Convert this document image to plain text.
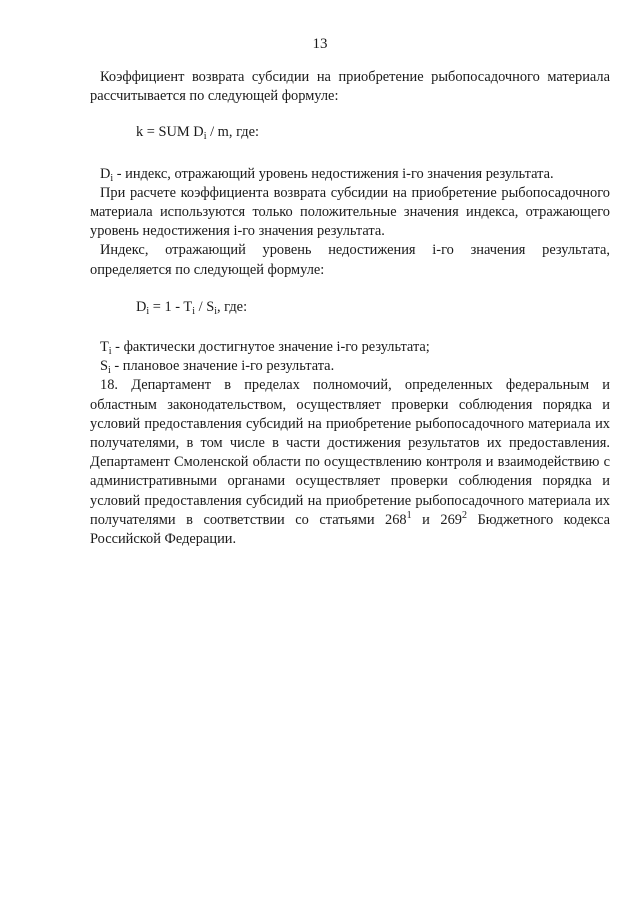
13

Коэффициент возврата субсидии на приобретение рыбопосадочного материала рассчитывается по следующей формуле:

k = SUM $D_i$ / m, где:

$D_i$ - индекс, отражающий уровень недостижения i-го значения результата.

При расчете коэффициента возврата субсидии на приобретение рыбопосадочного материала используются только положительные значения индекса, отражающего уровень недостижения i-го значения результата.

Индекс, отражающий уровень недостижения i-го значения результата, определяется по следующей формуле:

$D_i = 1 - T_i / S_i$, где:

$T_i$ - фактически достигнутое значение i-го результата;

$S_i$ - плановое значение i-го результата.

18. Департамент в пределах полномочий, определенных федеральным и областным законодательством, осуществляет проверки соблюдения порядка и условий предоставления субсидий на приобретение рыбопосадочного материала их получателями, в том числе в части достижения результатов их предоставления. Департамент Смоленской области по осуществлению контроля и взаимодействию с административными органами осуществляет проверки соблюдения порядка и условий предоставления субсидий на приобретение рыбопосадочного материала их получателями в соответствии со статьями $268^1$ и $269^2$ Бюджетного кодекса Российской Федерации.
